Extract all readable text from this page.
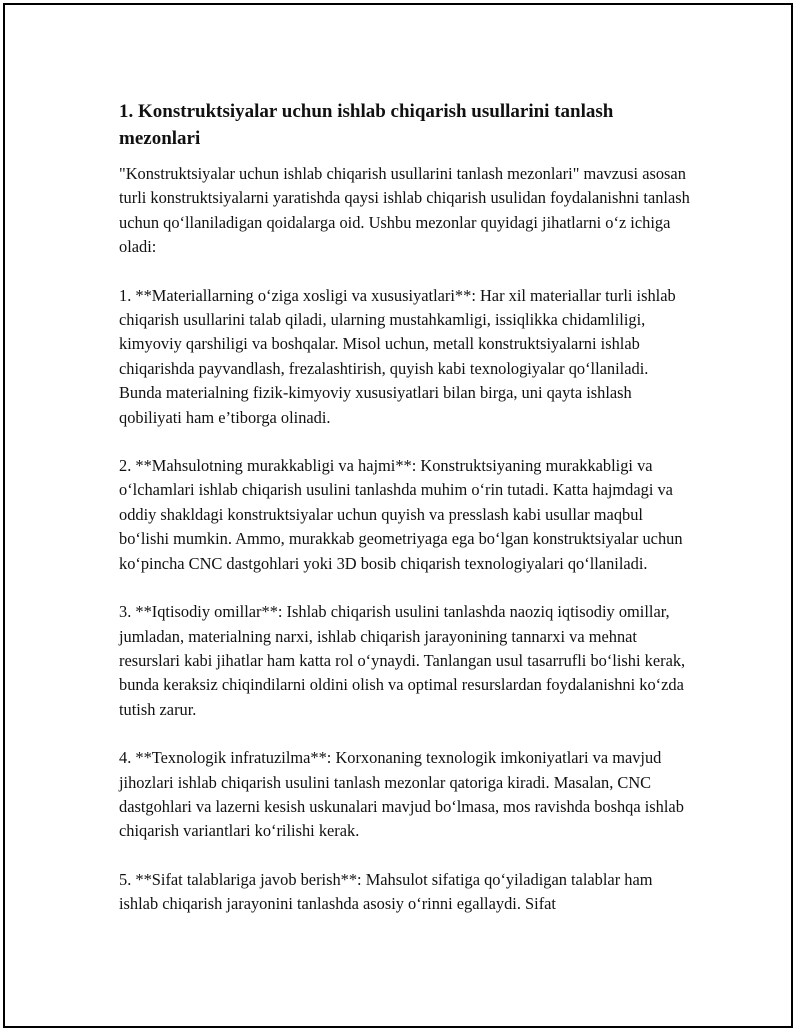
1. Konstruktsiyalar uchun ishlab chiqarish usullarini tanlash mezonlari

"Konstruktsiyalar uchun ishlab chiqarish usullarini tanlash mezonlari" mavzusi asosan turli konstruktsiyalarni yaratishda qaysi ishlab chiqarish usulidan foydalanishni tanlash uchun qo‘llaniladigan qoidalarga oid. Ushbu mezonlar quyidagi jihatlarni o‘z ichiga oladi:

1. **Materiallarning o‘ziga xosligi va xususiyatlari**: Har xil materiallar turli ishlab chiqarish usullarini talab qiladi, ularning mustahkamligi, issiqlikka chidamliligi, kimyoviy qarshiligi va boshqalar. Misol uchun, metall konstruktsiyalarni ishlab chiqarishda payvandlash, frezalashtirish, quyish kabi texnologiyalar qo‘llaniladi. Bunda materialning fizik-kimyoviy xususiyatlari bilan birga, uni qayta ishlash qobiliyati ham e’tiborga olinadi.

2. **Mahsulotning murakkabligi va hajmi**: Konstruktsiyaning murakkabligi va o‘lchamlari ishlab chiqarish usulini tanlashda muhim o‘rin tutadi. Katta hajmdagi va oddiy shakldagi konstruktsiyalar uchun quyish va presslash kabi usullar maqbul bo‘lishi mumkin. Ammo, murakkab geometriyaga ega bo‘lgan konstruktsiyalar uchun ko‘pincha CNC dastgohlari yoki 3D bosib chiqarish texnologiyalari qo‘llaniladi.

3. **Iqtisodiy omillar**: Ishlab chiqarish usulini tanlashda naoziq iqtisodiy omillar, jumladan, materialning narxi, ishlab chiqarish jarayonining tannarxi va mehnat resurslari kabi jihatlar ham katta rol o‘ynaydi. Tanlangan usul tasarrufli bo‘lishi kerak, bunda keraksiz chiqindilarni oldini olish va optimal resurslardan foydalanishni ko‘zda tutish zarur.

4. **Texnologik infratuzilma**: Korxonaning texnologik imkoniyatlari va mavjud jihozlari ishlab chiqarish usulini tanlash mezonlar qatoriga kiradi. Masalan, CNC dastgohlari va lazerni kesish uskunalari mavjud bo‘lmasa, mos ravishda boshqa ishlab chiqarish variantlari ko‘rilishi kerak.

5. **Sifat talablariga javob berish**: Mahsulot sifatiga qo‘yiladigan talablar ham ishlab chiqarish jarayonini tanlashda asosiy o‘rinni egallaydi. Sifat
